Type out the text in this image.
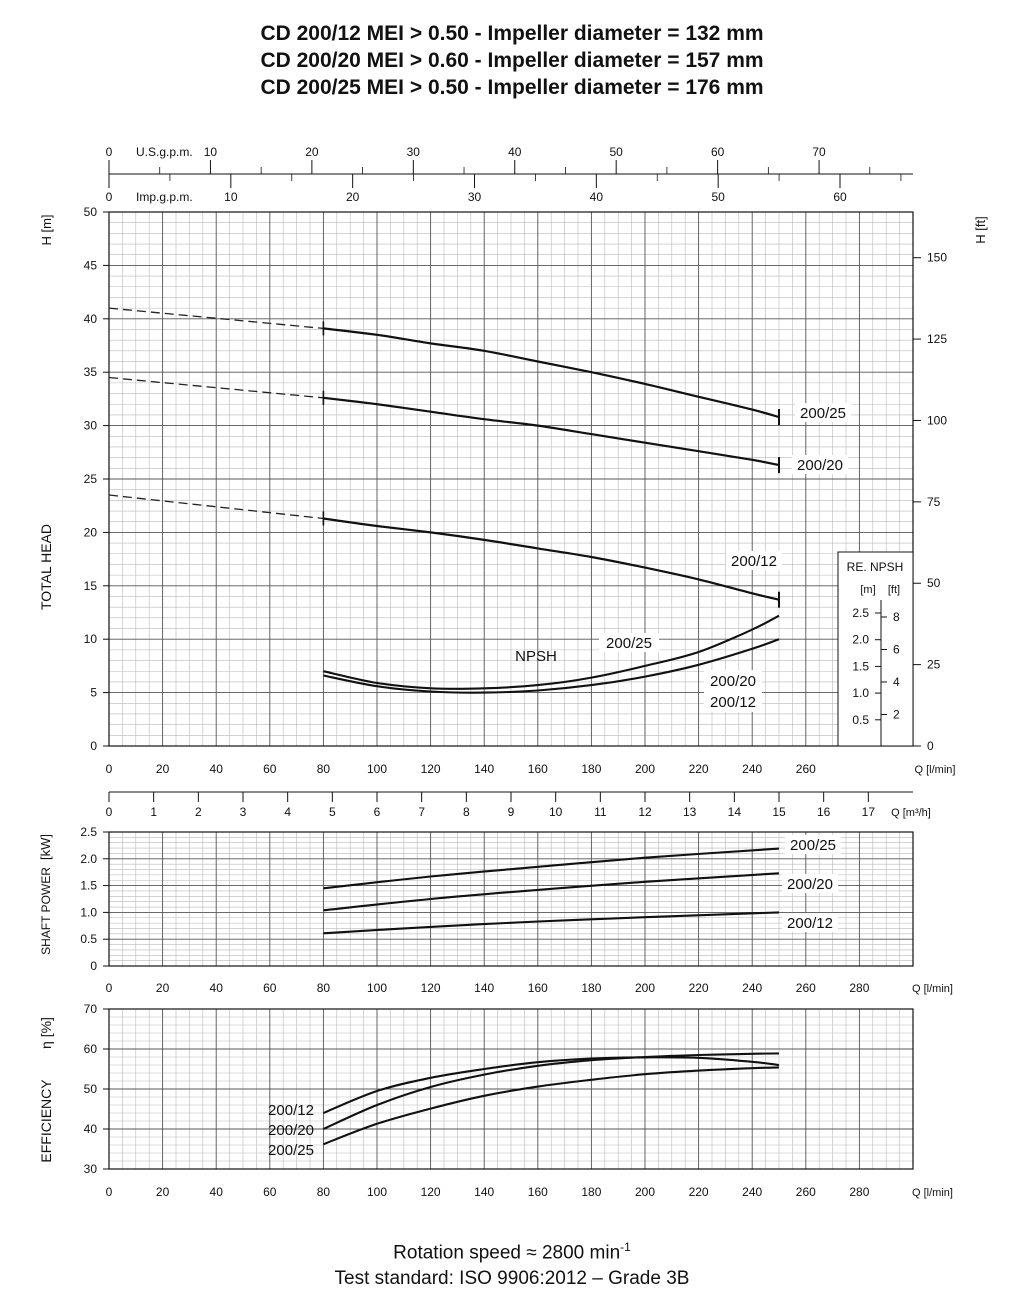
CD 200/12 MEI > 0.50 - Impeller diameter = 132 mm
CD 200/20 MEI > 0.60 - Impeller diameter = 157 mm
CD 200/25 MEI > 0.50 - Impeller diameter = 176 mm
0	10	20	30	40	50	60	70
U.S.g.p.m.
0	10	20	30	40	50	60
Imp.g.p.m.
0
5
10
15
20
25
30
35
40
45
50
0
25
50
75
100
125
150
0	20	40	60	80	100	120	140	160	180	200	220	240	260	Q [l/min]
TOTAL HEAD
H [m]	H [ft]
200/25
200/20
200/12
NPSH
200/25
200/20
200/12
RE. NPSH
[m] [ft]
2.5
2.0
1.5
1.0
0.5
8
6
4
2
0	1	2	3	4	5	6	7	8	9	10	11	12	13	14	15	16	17 Q [m³/h]
0
0.5
1.0
1.5
2.0
2.5
0	20	40	60	80	100	120	140	160	180	200	220	240	260	280	Q [l/min]
SHAFT POWER
[kW]	200/25
200/20
200/12
30
40
50
60
70
0	20	40	60	80	100	120	140	160	180	200	220	240	260	280	Q [l/min]
EFFICIENCY
η [%]
200/12
200/20
200/25
Rotation speed ≈ 2800 $\min^{-1}$
Test standard: ISO 9906:2012 – Grade 3B
